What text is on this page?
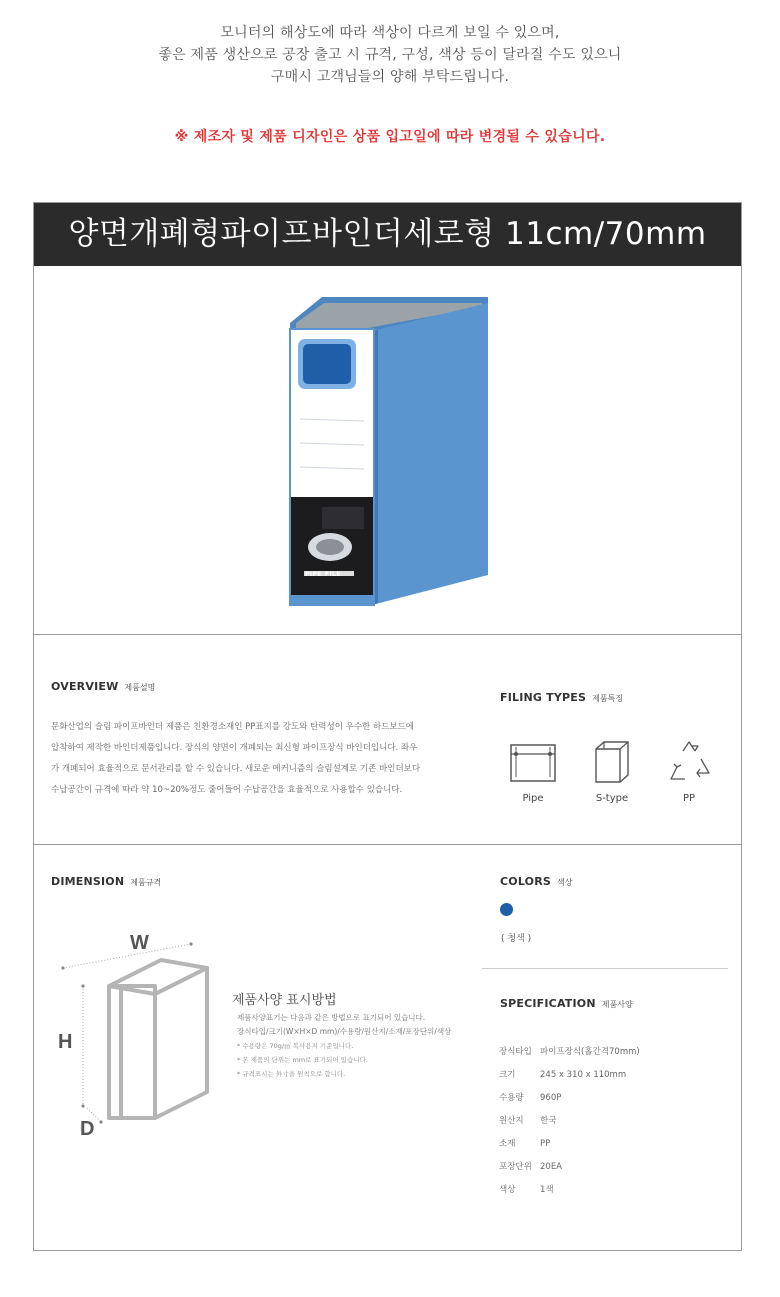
모니터의 해상도에 따라 색상이 다르게 보일 수 있으며,
좋은 제품 생산으로 공장 출고 시 규격, 구성, 색상 등이 달라질 수도 있으니
구매시 고객님들의 양해 부탁드립니다.
※ 제조자 및 제품 디자인은 상품 입고일에 따라 변경될 수 있습니다.
양면개폐형파이프바인더세로형 11cm/70mm
PIPE FILE
OVERVIEW 제품설명
문화산업의 슬림 파이프바인더 제품은 친환경소재인 PP표지를 강도와 탄력성이 우수한 하드보드에
압착하여 제작한 바인더제품입니다. 장식의 양면이 개폐되는 최신형 파이프장식 바인더입니다. 좌우
가 개폐되어 효율적으로 문서관리를 할 수 있습니다. 새로운 메커니즘의 슬림설계로 기존 바인더보다
수납공간이 규격에 따라 약 10~20%정도 줄어들어 수납공간을 효율적으로 사용할수 있습니다.
FILING TYPES 제품특징
Pipe	S-type	PP
DIMENSION 제품규격
W
H
D
제품사양 표시방법
제품사양표기는 다음과 같은 방법으로 표기되어 있습니다.
장식타입/크기(W×H×D mm)/수용량/원산지/소재/포장단위/색상
* 수용량은 70g/㎡ 복사용지 기준입니다.
* 본 제품의 단위는 mm로 표기되어 있습니다.
* 규격표시는 外寸을 원칙으로 합니다.
COLORS 색상
( 청색 )
SPECIFICATION 제품사양
장식타입 파이프장식(홀간격70mm)
크기	245 x 310 x 110mm
수용량	960P
원산지	한국
소재	PP
포장단위 20EA
색상	1색
